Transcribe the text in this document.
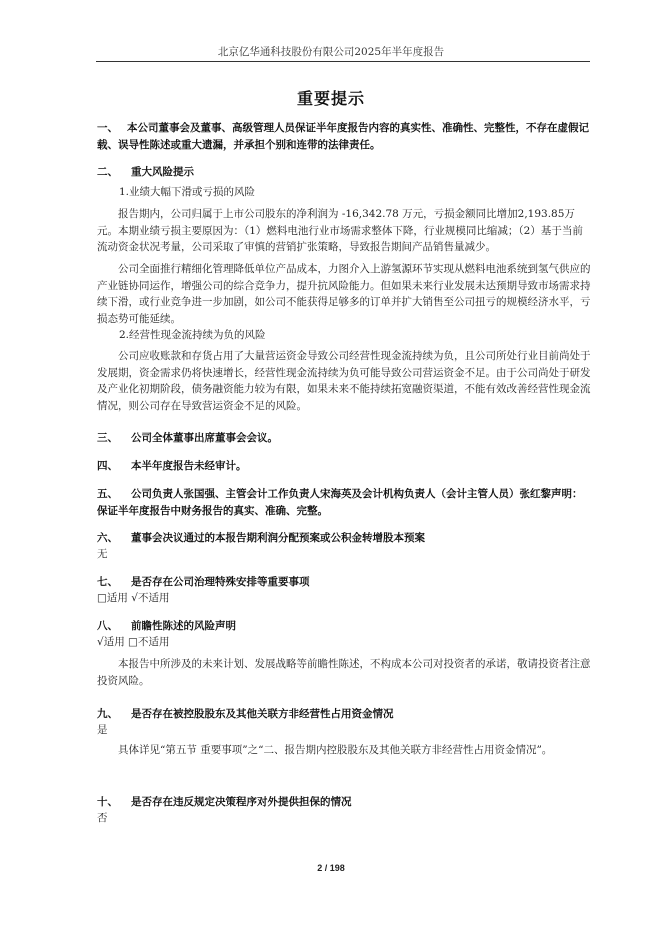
北京亿华通科技股份有限公司2025年半年度报告
重要提示
一、 本公司董事会及董事、高级管理人员保证半年度报告内容的真实性、准确性、完整性，不存在虚假记载、误导性陈述或重大遗漏，并承担个别和连带的法律责任。
二、 重大风险提示
1.业绩大幅下滑或亏损的风险
报告期内，公司归属于上市公司股东的净利润为 -16,342.78 万元，亏损金额同比增加2,193.85万元。本期业绩亏损主要原因为：（1）燃料电池行业市场需求整体下降，行业规模同比缩减；（2）基于当前流动资金状况考量，公司采取了审慎的营销扩张策略，导致报告期间产品销售量减少。
公司全面推行精细化管理降低单位产品成本，力图介入上游氢源环节实现从燃料电池系统到氢气供应的产业链协同运作，增强公司的综合竞争力，提升抗风险能力。但如果未来行业发展未达预期导致市场需求持续下滑，或行业竞争进一步加剧，如公司不能获得足够多的订单并扩大销售至公司扭亏的规模经济水平，亏损态势可能延续。
2.经营性现金流持续为负的风险
公司应收账款和存货占用了大量营运资金导致公司经营性现金流持续为负，且公司所处行业目前尚处于发展期，资金需求仍将快速增长，经营性现金流持续为负可能导致公司营运资金不足。由于公司尚处于研发及产业化初期阶段，债务融资能力较为有限，如果未来不能持续拓宽融资渠道，不能有效改善经营性现金流情况，则公司存在导致营运资金不足的风险。
三、 公司全体董事出席董事会会议。
四、 本半年度报告未经审计。
五、 公司负责人张国强、主管会计工作负责人宋海英及会计机构负责人（会计主管人员）张红黎声明：保证半年度报告中财务报告的真实、准确、完整。
六、 董事会决议通过的本报告期利润分配预案或公积金转增股本预案
无
七、 是否存在公司治理特殊安排等重要事项
□适用 √不适用
八、 前瞻性陈述的风险声明
√适用 □不适用
本报告中所涉及的未来计划、发展战略等前瞻性陈述，不构成本公司对投资者的承诺，敬请投资者注意投资风险。
九、 是否存在被控股股东及其他关联方非经营性占用资金情况
是
具体详见“第五节 重要事项”之“二、报告期内控股股东及其他关联方非经营性占用资金情况”。
十、 是否存在违反规定决策程序对外提供担保的情况
否
2 / 198
